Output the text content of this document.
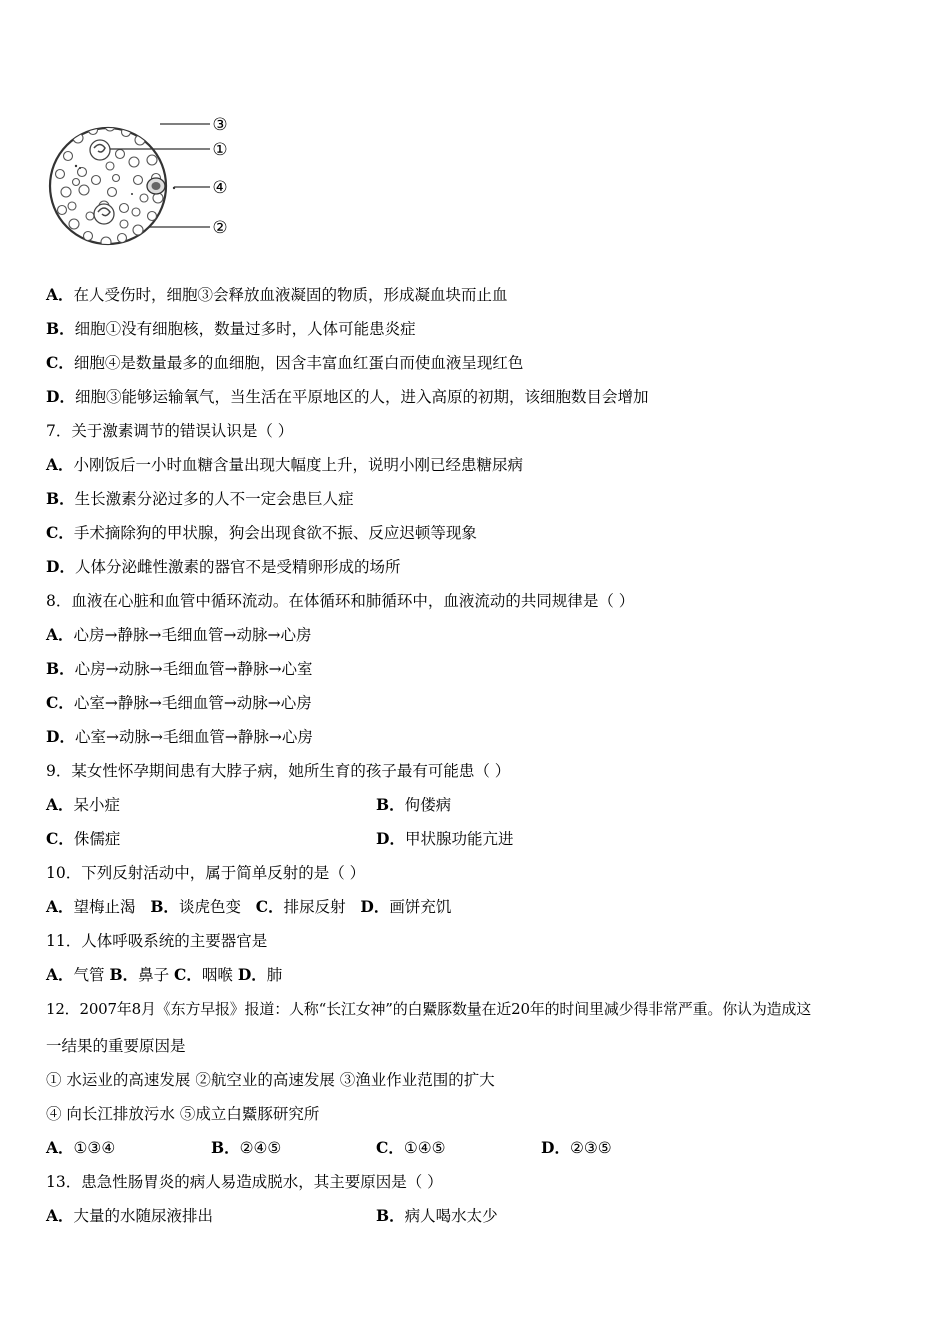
③
①
④
②
A．在人受伤时，细胞③会释放血液凝固的物质，形成凝血块而止血
B．细胞①没有细胞核，数量过多时，人体可能患炎症
C．细胞④是数量最多的血细胞，因含丰富血红蛋白而使血液呈现红色
D．细胞③能够运输氧气，当生活在平原地区的人，进入高原的初期，该细胞数目会增加
7．关于激素调节的错误认识是（ ）
A．小刚饭后一小时血糖含量出现大幅度上升，说明小刚已经患糖尿病
B．生长激素分泌过多的人不一定会患巨人症
C．手术摘除狗的甲状腺，狗会出现食欲不振、反应迟顿等现象
D．人体分泌雌性激素的器官不是受精卵形成的场所
8．血液在心脏和血管中循环流动。在体循环和肺循环中，血液流动的共同规律是（ ）
A．心房→静脉→毛细血管→动脉→心房
B．心房→动脉→毛细血管→静脉→心室
C．心室→静脉→毛细血管→动脉→心房
D．心室→动脉→毛细血管→静脉→心房
9．某女性怀孕期间患有大脖子病，她所生育的孩子最有可能患（ ）
A．呆小症	B．佝偻病
C．侏儒症	D．甲状腺功能亢进
10．下列反射活动中，属于简单反射的是（ ）
A．望梅止渴 B．谈虎色变 C．排尿反射 D．画饼充饥
11．人体呼吸系统的主要器官是
A．气管 B．鼻子 C．咽喉 D．肺
12．2007年8月《东方早报》报道：人称“长江女神”的白鱀豚数量在近20年的时间里减少得非常严重。你认为造成这
一结果的重要原因是
① 水运业的高速发展 ②航空业的高速发展 ③渔业作业范围的扩大
④ 向长江排放污水 ⑤成立白鱀豚研究所
A．①③④	B．②④⑤	C．①④⑤	D．②③⑤
13．患急性肠胃炎的病人易造成脱水，其主要原因是（ ）
A．大量的水随尿液排出	B．病人喝水太少
